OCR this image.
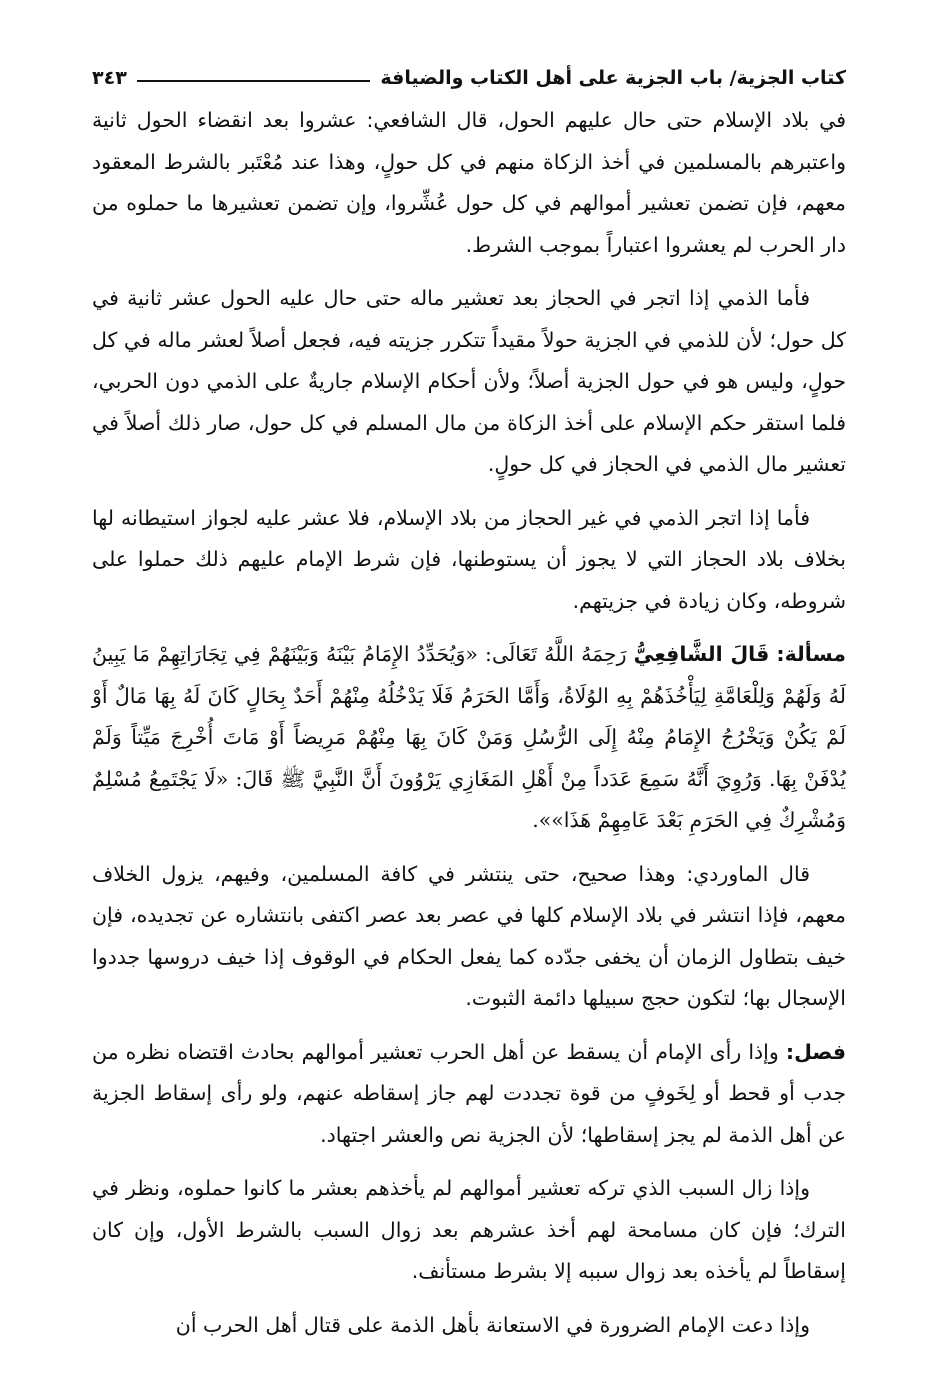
كتاب الجزية/ باب الجزية على أهل الكتاب والضيافة
٣٤٣

في بلاد الإسلام حتى حال عليهم الحول، قال الشافعي: عشروا بعد انقضاء الحول ثانية واعتبرهم بالمسلمين في أخذ الزكاة منهم في كل حولٍ، وهذا عند مُعْتَبر بالشرط المعقود معهم، فإن تضمن تعشير أموالهم في كل حول عُشِّروا، وإن تضمن تعشيرها ما حملوه من دار الحرب لم يعشروا اعتباراً بموجب الشرط.

فأما الذمي إذا اتجر في الحجاز بعد تعشير ماله حتى حال عليه الحول عشر ثانية في كل حول؛ لأن للذمي في الجزية حولاً مقيداً تتكرر جزيته فيه، فجعل أصلاً لعشر ماله في كل حولٍ، وليس هو في حول الجزية أصلاً؛ ولأن أحكام الإسلام جاريةٌ على الذمي دون الحربي، فلما استقر حكم الإسلام على أخذ الزكاة من مال المسلم في كل حول، صار ذلك أصلاً في تعشير مال الذمي في الحجاز في كل حولٍ.

فأما إذا اتجر الذمي في غير الحجاز من بلاد الإسلام، فلا عشر عليه لجواز استيطانه لها بخلاف بلاد الحجاز التي لا يجوز أن يستوطنها، فإن شرط الإمام عليهم ذلك حملوا على شروطه، وكان زيادة في جزيتهم.

مسألة: قَالَ الشَّافِعِيُّ رَحِمَهُ اللَّهُ تَعَالَى: «وَيُحَدِّدُ الإِمَامُ بَيْنَهُ وَبَيْنَهُمْ فِي تِجَارَاتِهِمْ مَا يَبِينُ لَهُ وَلَهُمْ وَلِلْعَامَّةِ لِيَأْخُذَهُمْ بِهِ الوُلَاةُ، وَأَمَّا الحَرَمُ فَلَا يَدْخُلُهُ مِنْهُمْ أَحَدٌ بِحَالٍ كَانَ لَهُ بِهَا مَالٌ أَوْ لَمْ يَكُنْ وَيَخْرُجُ الإِمَامُ مِنْهُ إِلَى الرُّسُلِ وَمَنْ كَانَ بِهَا مِنْهُمْ مَرِيضاً أَوْ مَاتَ أُخْرِجَ مَيِّتاً وَلَمْ يُدْفَنْ بِهَا. وَرُوِيَ أَنَّهُ سَمِعَ عَدَداً مِنْ أَهْلِ المَغَازِي يَرْوُونَ أَنَّ النَّبِيَّ ﷺ قَالَ: «لَا يَجْتَمِعُ مُسْلِمٌ وَمُشْرِكٌ فِي الحَرَمِ بَعْدَ عَامِهِمْ هَذَا»».

قال الماوردي: وهذا صحيح، حتى ينتشر في كافة المسلمين، وفيهم، يزول الخلاف معهم، فإذا انتشر في بلاد الإسلام كلها في عصر بعد عصر اكتفى بانتشاره عن تجديده، فإن خيف بتطاول الزمان أن يخفى جدّده كما يفعل الحكام في الوقوف إذا خيف دروسها جددوا الإسجال بها؛ لتكون حجج سبيلها دائمة الثبوت.

فصل: وإذا رأى الإمام أن يسقط عن أهل الحرب تعشير أموالهم بحادث اقتضاه نظره من جدب أو قحط أو لِخَوفٍ من قوة تجددت لهم جاز إسقاطه عنهم، ولو رأى إسقاط الجزية عن أهل الذمة لم يجز إسقاطها؛ لأن الجزية نص والعشر اجتهاد.

وإذا زال السبب الذي تركه تعشير أموالهم لم يأخذهم بعشر ما كانوا حملوه، ونظر في الترك؛ فإن كان مسامحة لهم أخذ عشرهم بعد زوال السبب بالشرط الأول، وإن كان إسقاطاً لم يأخذه بعد زوال سببه إلا بشرط مستأنف.

وإذا دعت الإمام الضرورة في الاستعانة بأهل الذمة على قتال أهل الحرب أن
